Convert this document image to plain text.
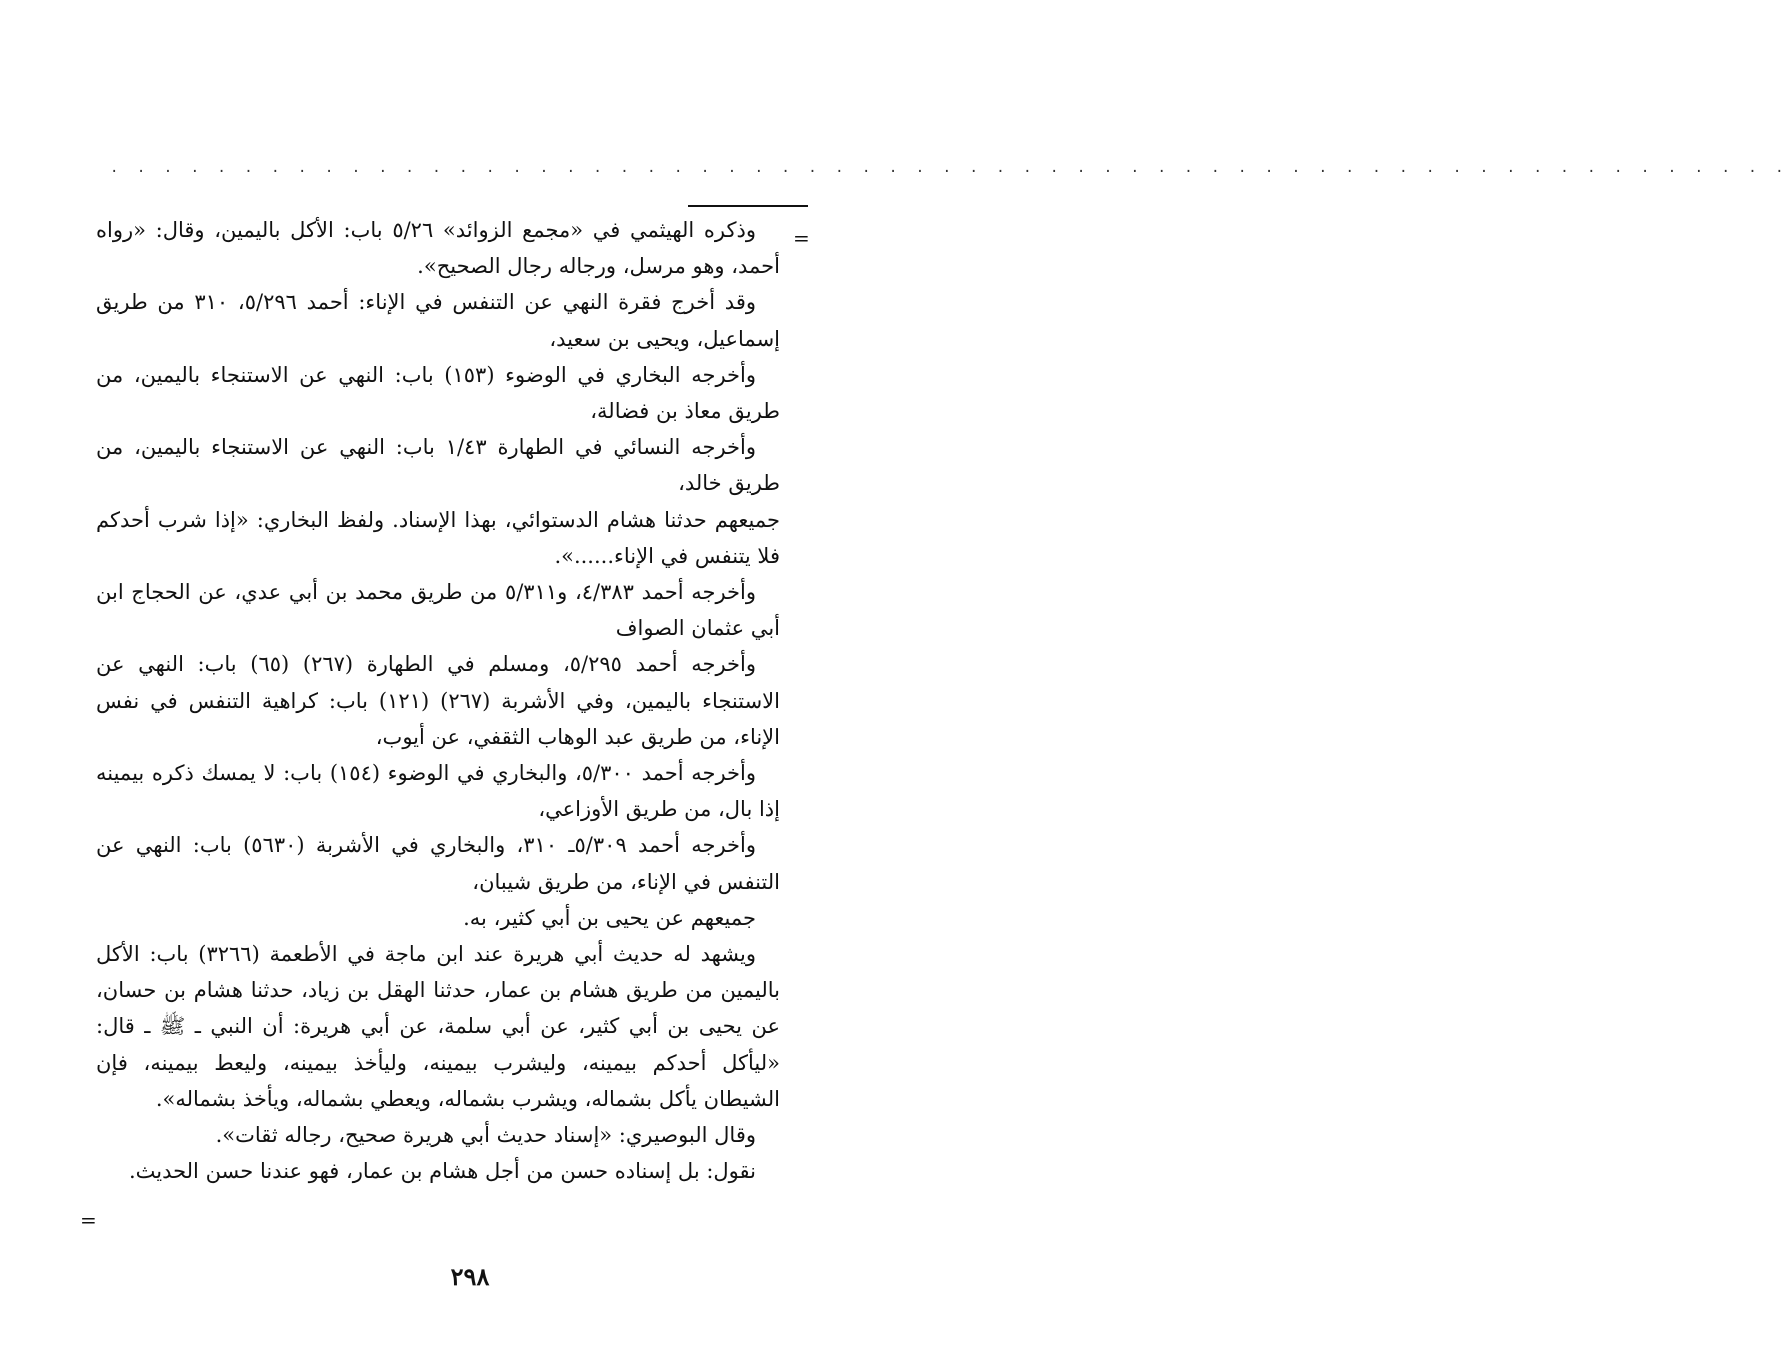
. . . . . . . . . . . . . . . . . . . . . . . . . . . . . . . . . . . . . . . . . . . . . . . . . . . . . . . . . . . . . . .
=

وذكره الهيثمي في «مجمع الزوائد» ٥/٢٦ باب: الأكل باليمين، وقال: «رواه أحمد، وهو مرسل، ورجاله رجال الصحيح».

وقد أخرج فقرة النهي عن التنفس في الإناء: أحمد ٥/٢٩٦، ٣١٠ من طريق إسماعيل، ويحيى بن سعيد،

وأخرجه البخاري في الوضوء (١٥٣) باب: النهي عن الاستنجاء باليمين، من طريق معاذ بن فضالة،

وأخرجه النسائي في الطهارة ١/٤٣ باب: النهي عن الاستنجاء باليمين، من طريق خالد،

جميعهم حدثنا هشام الدستوائي، بهذا الإسناد. ولفظ البخاري: «إذا شرب أحدكم فلا يتنفس في الإناء......».

وأخرجه أحمد ٤/٣٨٣، و٥/٣١١ من طريق محمد بن أبي عدي، عن الحجاج ابن أبي عثمان الصواف

وأخرجه أحمد ٥/٢٩٥، ومسلم في الطهارة (٢٦٧) (٦٥) باب: النهي عن الاستنجاء باليمين، وفي الأشربة (٢٦٧) (١٢١) باب: كراهية التنفس في نفس الإناء، من طريق عبد الوهاب الثقفي، عن أيوب،

وأخرجه أحمد ٥/٣٠٠، والبخاري في الوضوء (١٥٤) باب: لا يمسك ذكره بيمينه إذا بال، من طريق الأوزاعي،

وأخرجه أحمد ٥/٣٠٩ـ ٣١٠، والبخاري في الأشربة (٥٦٣٠) باب: النهي عن التنفس في الإناء، من طريق شيبان،

جميعهم عن يحيى بن أبي كثير، به.

ويشهد له حديث أبي هريرة عند ابن ماجة في الأطعمة (٣٢٦٦) باب: الأكل باليمين من طريق هشام بن عمار، حدثنا الهقل بن زياد، حدثنا هشام بن حسان، عن يحيى بن أبي كثير، عن أبي سلمة، عن أبي هريرة: أن النبي ـ ﷺ ـ قال: «ليأكل أحدكم بيمينه، وليشرب بيمينه، وليأخذ بيمينه، وليعط بيمينه، فإن الشيطان يأكل بشماله، ويشرب بشماله، ويعطي بشماله، ويأخذ بشماله».

وقال البوصيري: «إسناد حديث أبي هريرة صحيح، رجاله ثقات».

نقول: بل إسناده حسن من أجل هشام بن عمار، فهو عندنا حسن الحديث.

=
٢٩٨
